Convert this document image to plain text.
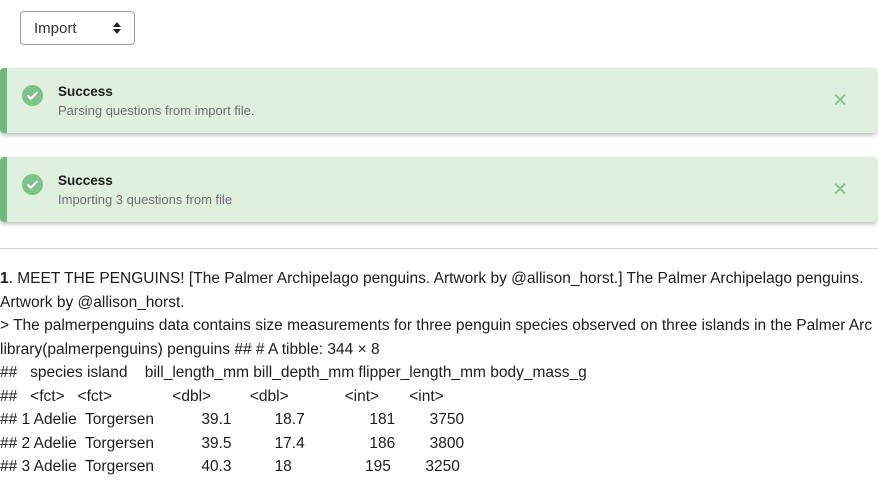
Import
Success
Parsing questions from import file.	✕
Success
Importing 3 questions from file	✕

1. MEET THE PENGUINS! [The Palmer Archipelago penguins. Artwork by @allison_horst.] The Palmer Archipelago penguins. Artwork by @allison_horst.

> The palmerpenguins data contains size measurements for three penguin species observed on three islands in the Palmer Arc
library(palmerpenguins) penguins ## # A tibble: 344 × 8
##   species island    bill_length_mm bill_depth_mm flipper_length_mm body_mass_g
##   <fct>   <fct>              <dbl>         <dbl>             <int>       <int>
## 1 Adelie  Torgersen           39.1          18.7               181        3750
## 2 Adelie  Torgersen           39.5          17.4               186        3800
## 3 Adelie  Torgersen           40.3          18                 195        3250
